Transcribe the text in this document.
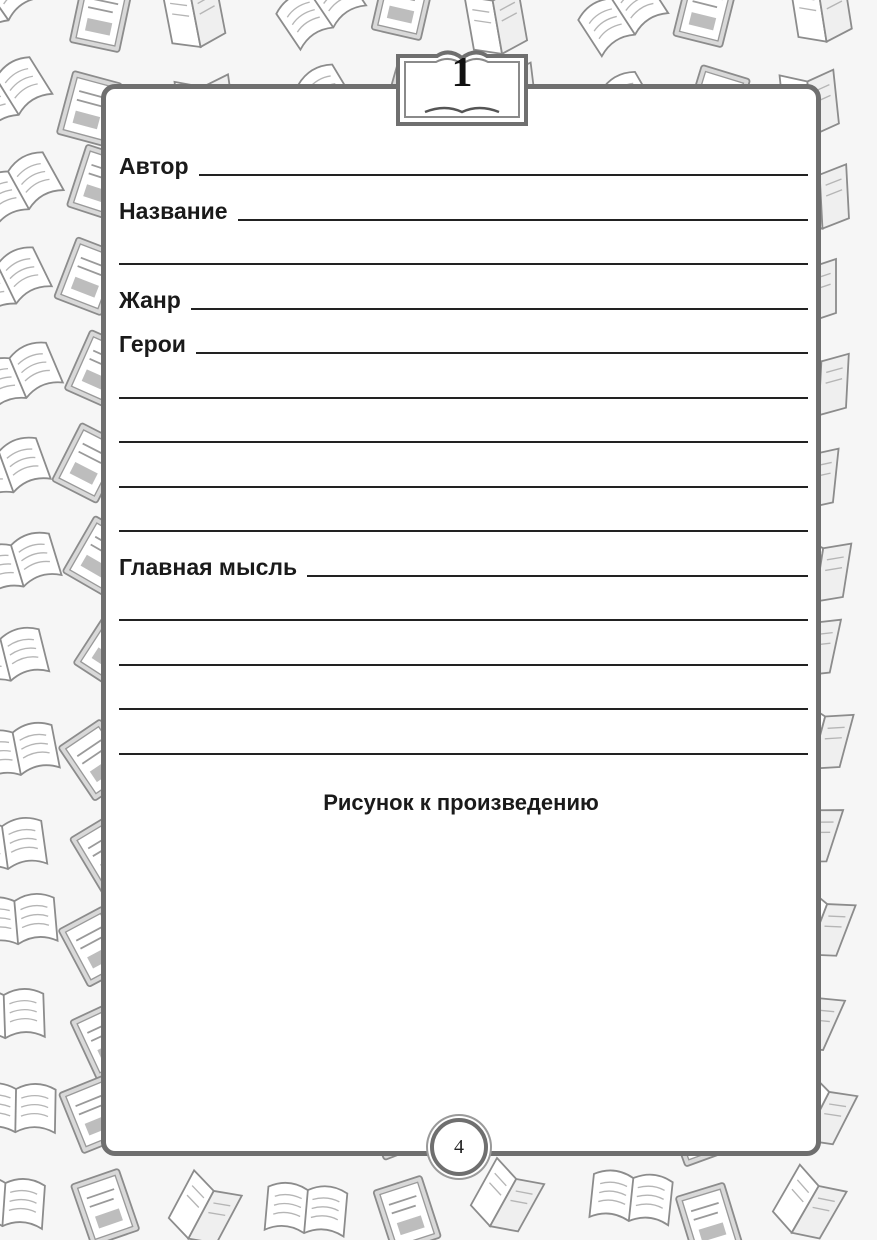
1
Автор
Название
Жанр
Герои
Главная мысль
Рисунок к произведению
4
